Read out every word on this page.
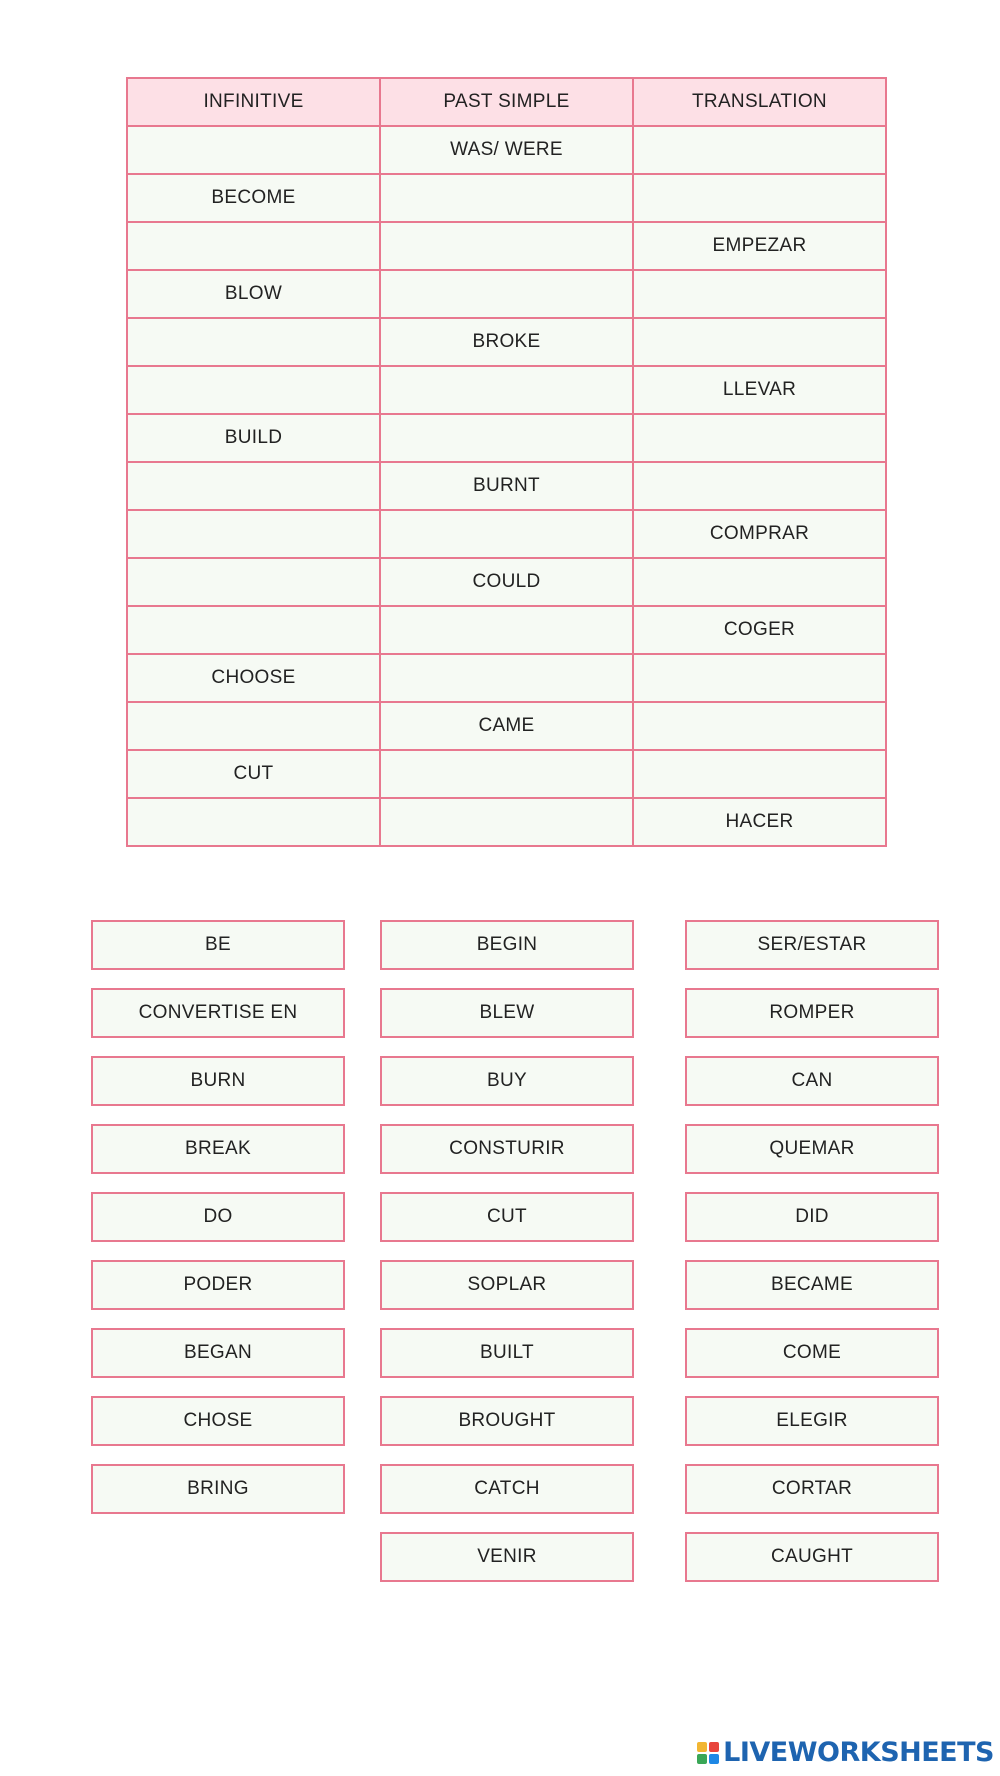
INFINITIVE	PAST SIMPLE	TRANSLATION
	WAS/ WERE	
BECOME		
		EMPEZAR
BLOW		
	BROKE	
		LLEVAR
BUILD		
	BURNT	
		COMPRAR
	COULD	
		COGER
CHOOSE		
	CAME	
CUT		
		HACER
BE
CONVERTISE EN
BURN
BREAK
DO
PODER
BEGAN
CHOSE
BRING
BEGIN
BLEW
BUY
CONSTURIR
CUT
SOPLAR
BUILT
BROUGHT
CATCH
VENIR
SER/ESTAR
ROMPER
CAN
QUEMAR
DID
BECAME
COME
ELEGIR
CORTAR
CAUGHT
LIVEWORKSHEETS
